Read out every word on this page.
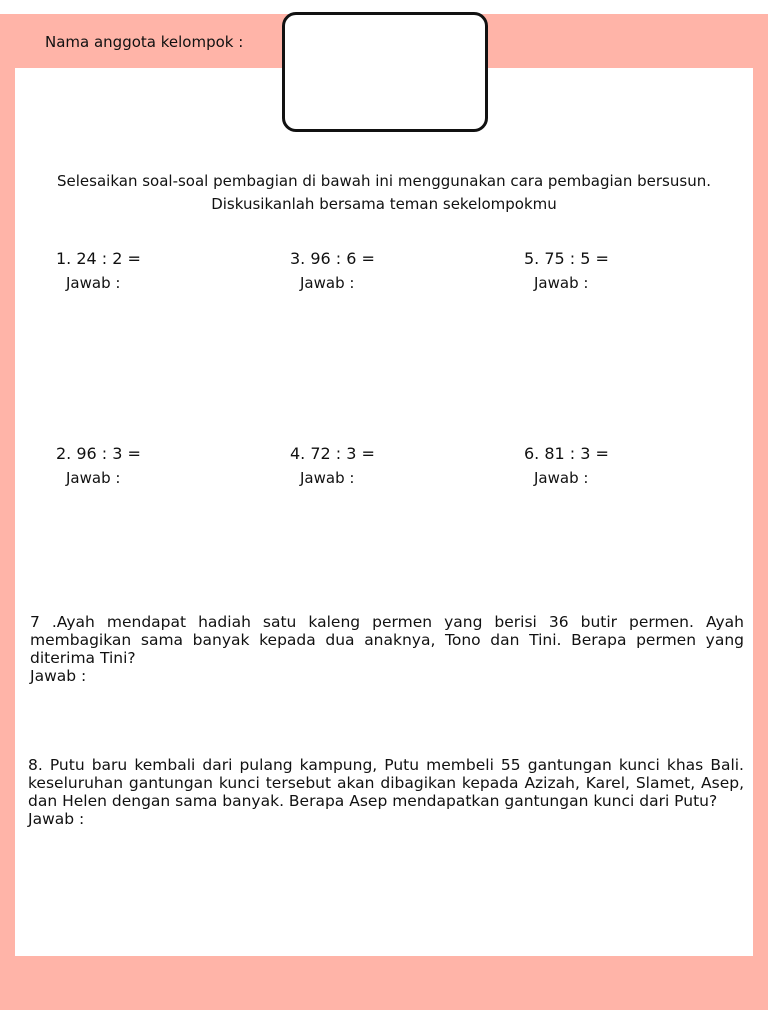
Nama anggota kelompok :
Selesaikan soal-soal pembagian di bawah ini menggunakan cara pembagian bersusun.
Diskusikanlah bersama teman sekelompokmu
1. 24 : 2 =
Jawab :
2. 96 : 3 =
Jawab :
3. 96 : 6 =
Jawab :
4. 72 : 3 =
Jawab :
5. 75 : 5 =
Jawab :
6. 81 : 3 =
Jawab :
7 .Ayah mendapat hadiah satu kaleng permen yang berisi 36 butir permen. Ayah membagikan sama banyak kepada dua anaknya, Tono dan Tini. Berapa permen yang diterima Tini?
Jawab :
8. Putu baru kembali dari pulang kampung, Putu membeli 55 gantungan kunci khas Bali. keseluruhan gantungan kunci tersebut akan dibagikan kepada Azizah, Karel, Slamet, Asep, dan Helen dengan sama banyak. Berapa Asep mendapatkan gantungan kunci dari Putu?
Jawab :
